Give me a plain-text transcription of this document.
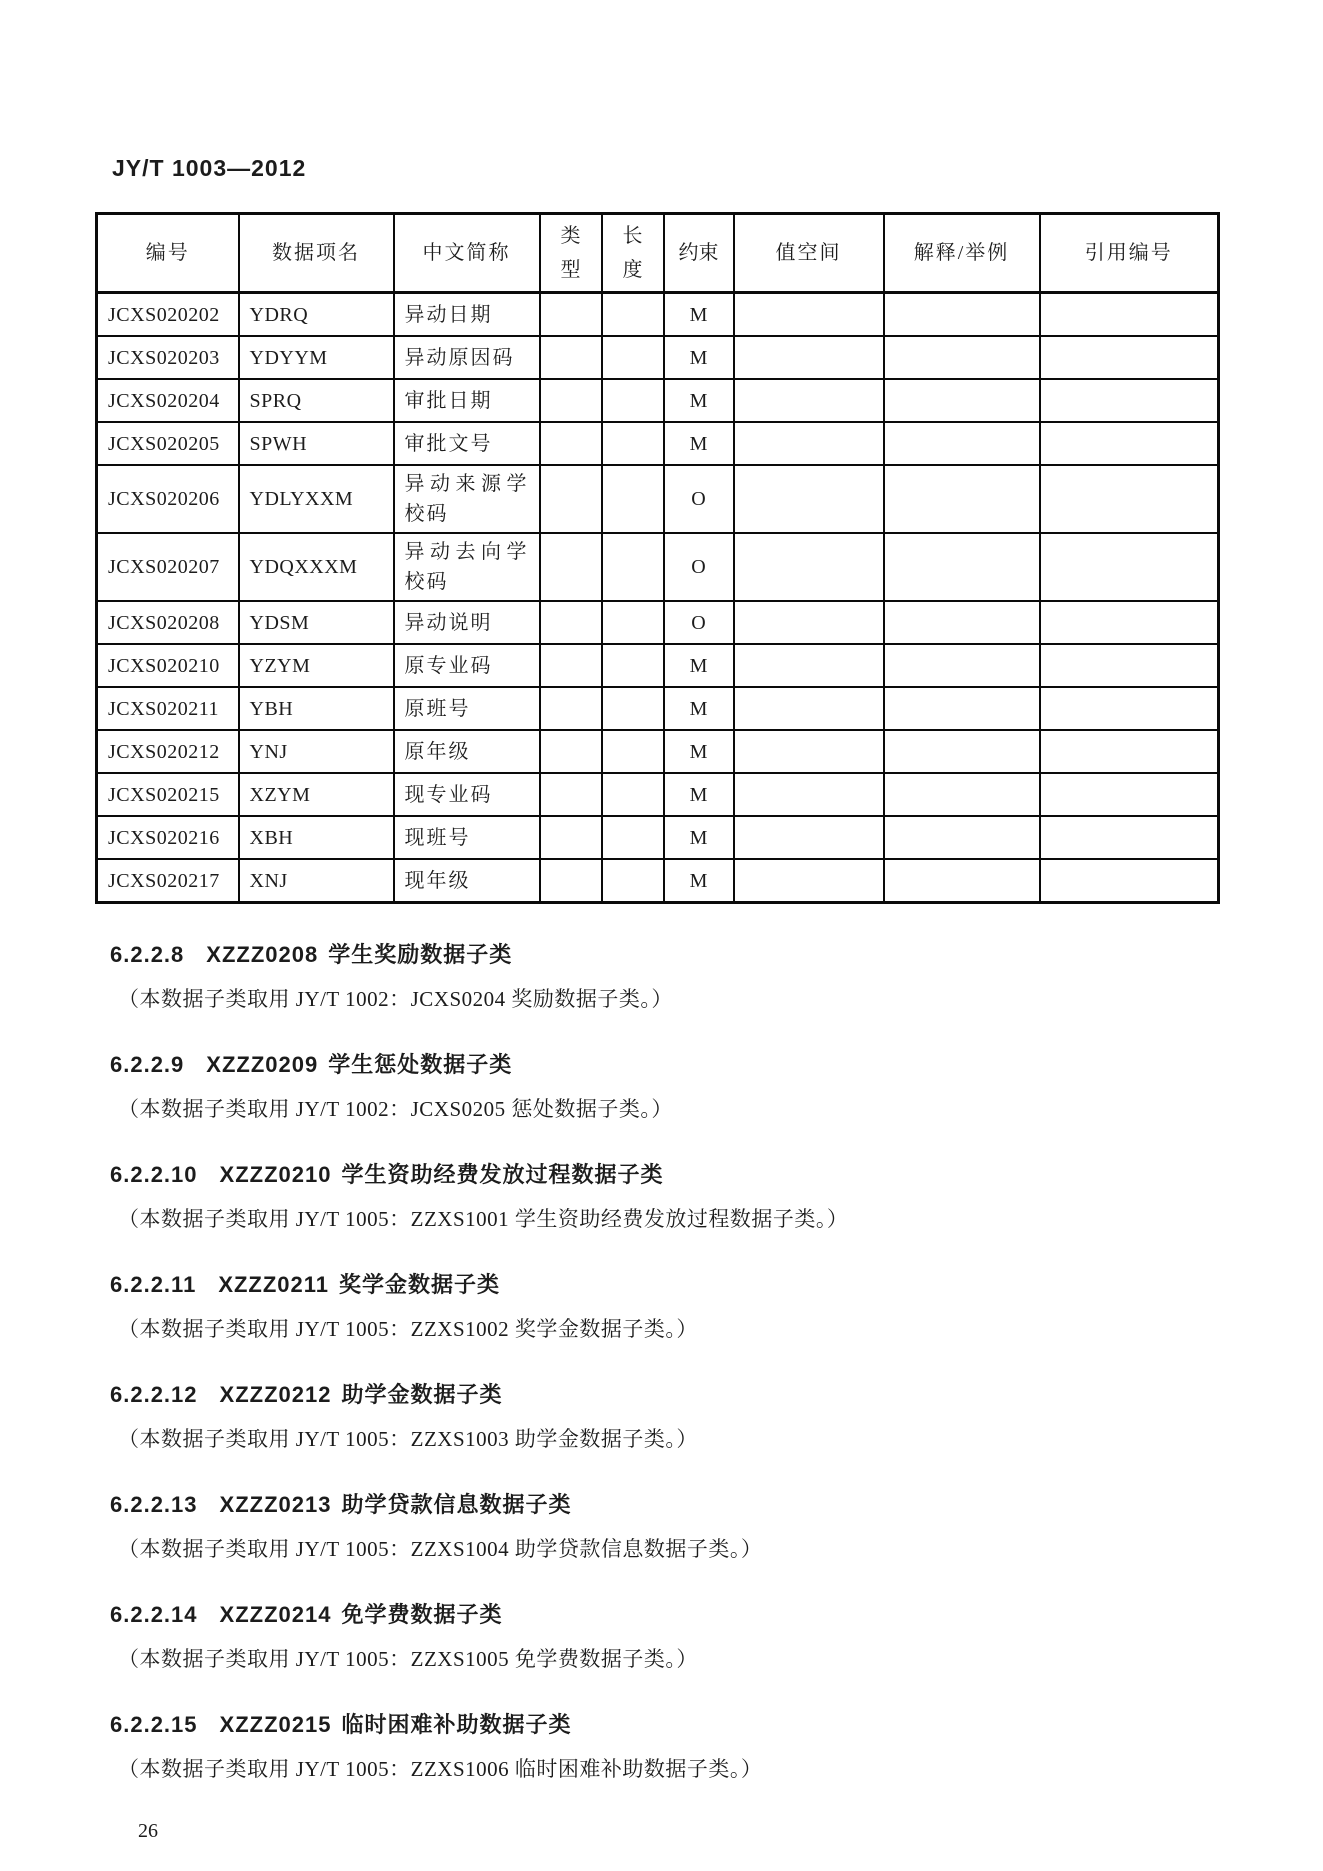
JY/T 1003—2012
编号	数据项名	中文简称	类型	长度	约束	值空间	解释/举例	引用编号
JCXS020202	YDRQ	异动日期			M			
JCXS020203	YDYYM	异动原因码			M			
JCXS020204	SPRQ	审批日期			M			
JCXS020205	SPWH	审批文号			M			
JCXS020206	YDLYXXM	异动来源学校码			O			
JCXS020207	YDQXXXM	异动去向学校码			O			
JCXS020208	YDSM	异动说明			O			
JCXS020210	YZYM	原专业码			M			
JCXS020211	YBH	原班号			M			
JCXS020212	YNJ	原年级			M			
JCXS020215	XZYM	现专业码			M			
JCXS020216	XBH	现班号			M			
JCXS020217	XNJ	现年级			M			
6.2.2.8 XZZZ0208 学生奖励数据子类

（本数据子类取用 JY/T 1002：JCXS0204 奖励数据子类。）

6.2.2.9 XZZZ0209 学生惩处数据子类

（本数据子类取用 JY/T 1002：JCXS0205 惩处数据子类。）

6.2.2.10 XZZZ0210 学生资助经费发放过程数据子类

（本数据子类取用 JY/T 1005：ZZXS1001 学生资助经费发放过程数据子类。）

6.2.2.11 XZZZ0211 奖学金数据子类

（本数据子类取用 JY/T 1005：ZZXS1002 奖学金数据子类。）

6.2.2.12 XZZZ0212 助学金数据子类

（本数据子类取用 JY/T 1005：ZZXS1003 助学金数据子类。）

6.2.2.13 XZZZ0213 助学贷款信息数据子类

（本数据子类取用 JY/T 1005：ZZXS1004 助学贷款信息数据子类。）

6.2.2.14 XZZZ0214 免学费数据子类

（本数据子类取用 JY/T 1005：ZZXS1005 免学费数据子类。）

6.2.2.15 XZZZ0215 临时困难补助数据子类

（本数据子类取用 JY/T 1005：ZZXS1006 临时困难补助数据子类。）

26
